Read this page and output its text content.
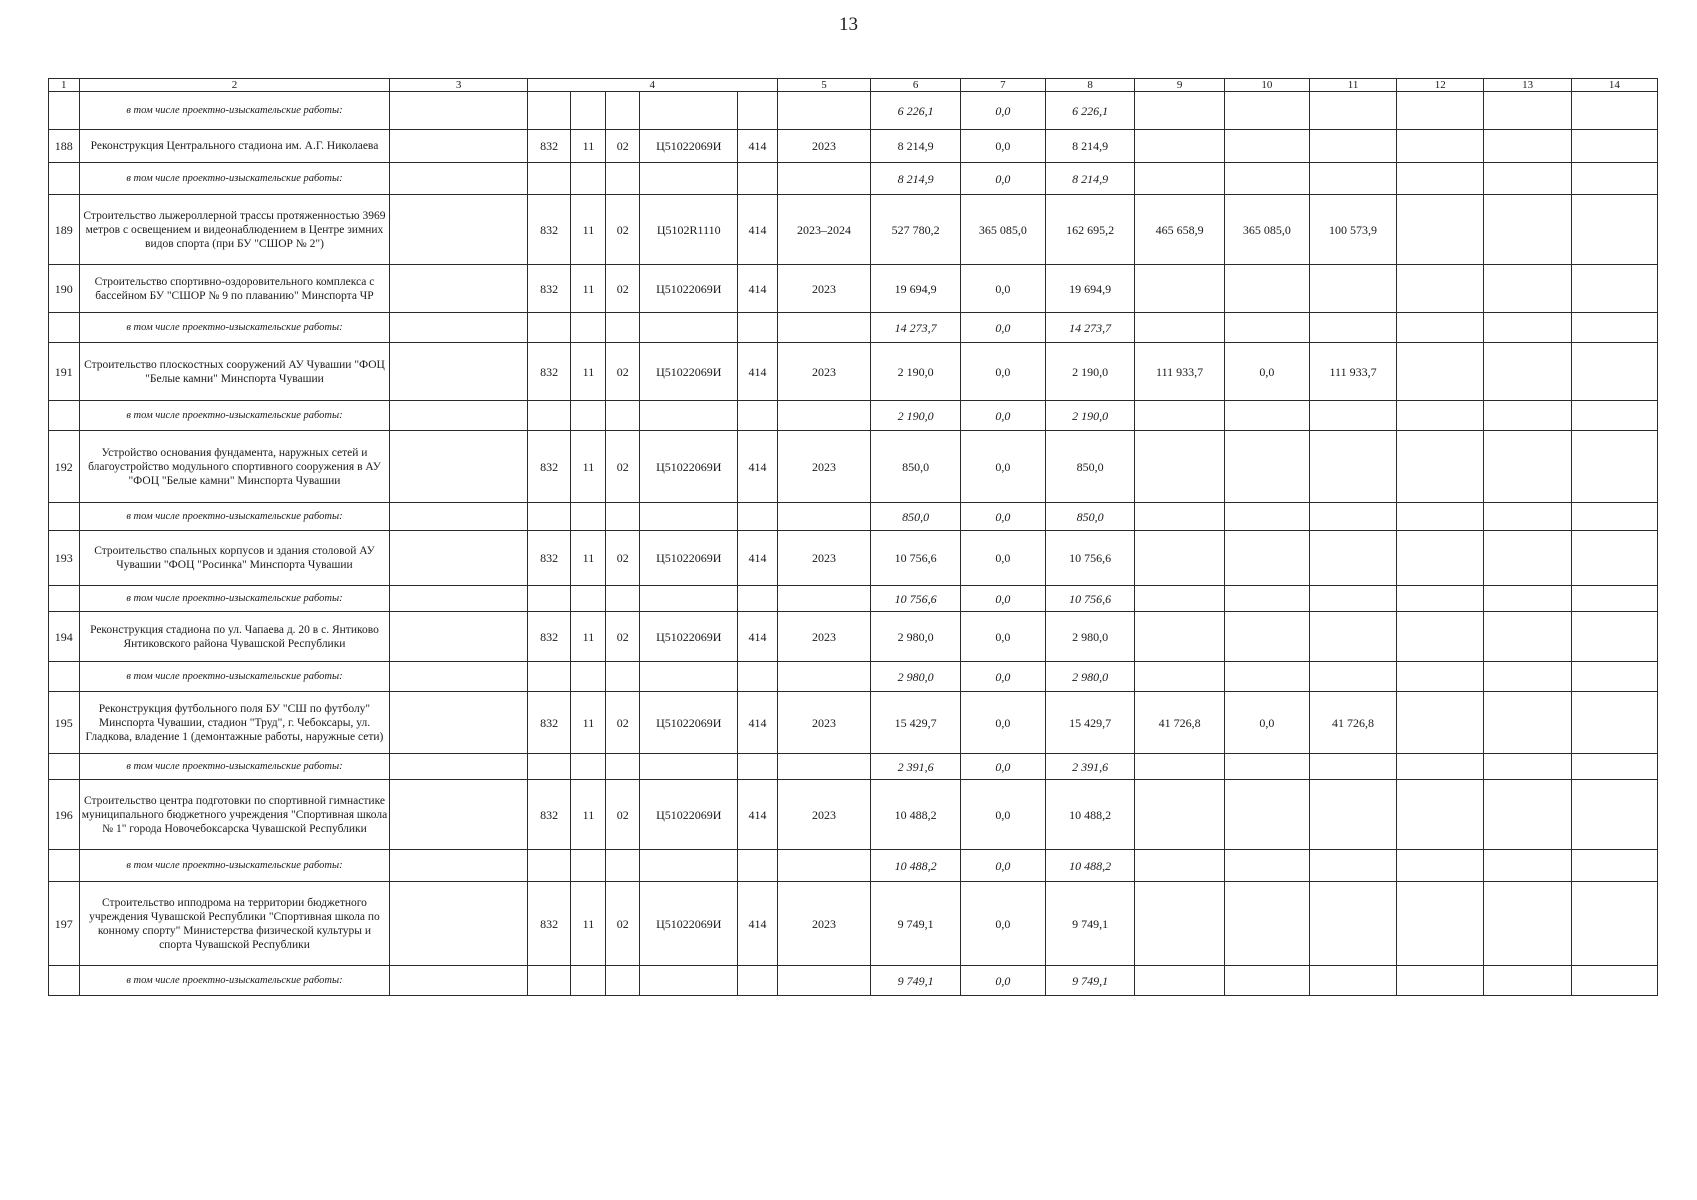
13
1	2	3	4					5	6	7	8	9	10	11	12	13	14
	в том числе проектно-изыскательские работы:								6 226,1	0,0	6 226,1						
188	Реконструкция Центрального стадиона им. А.Г. Николаева		832	11	02	Ц51022069И	414	2023	8 214,9	0,0	8 214,9						
	в том числе проектно-изыскательские работы:								8 214,9	0,0	8 214,9						
189	Строительство лыжероллерной трассы протяженностью 3969 метров с освещением и видеонаблюдением в Центре зимних видов спорта (при БУ "СШОР № 2")		832	11	02	Ц5102R1110	414	2023–2024	527 780,2	365 085,0	162 695,2	465 658,9	365 085,0	100 573,9			
190	Строительство спортивно-оздоровительного комплекса с бассейном БУ "СШОР № 9 по плаванию" Минспорта ЧР		832	11	02	Ц51022069И	414	2023	19 694,9	0,0	19 694,9						
	в том числе проектно-изыскательские работы:								14 273,7	0,0	14 273,7						
191	Строительство плоскостных сооружений АУ Чувашии "ФОЦ "Белые камни" Минспорта Чувашии		832	11	02	Ц51022069И	414	2023	2 190,0	0,0	2 190,0	111 933,7	0,0	111 933,7			
	в том числе проектно-изыскательские работы:								2 190,0	0,0	2 190,0						
192	Устройство основания фундамента, наружных сетей и благоустройство модульного спортивного сооружения в АУ "ФОЦ "Белые камни" Минспорта Чувашии		832	11	02	Ц51022069И	414	2023	850,0	0,0	850,0						
	в том числе проектно-изыскательские работы:								850,0	0,0	850,0						
193	Строительство спальных корпусов и здания столовой АУ Чувашии "ФОЦ "Росинка" Минспорта Чувашии		832	11	02	Ц51022069И	414	2023	10 756,6	0,0	10 756,6						
	в том числе проектно-изыскательские работы:								10 756,6	0,0	10 756,6						
194	Реконструкция стадиона по ул. Чапаева д. 20 в с. Янтиково Янтиковского района Чувашской Республики		832	11	02	Ц51022069И	414	2023	2 980,0	0,0	2 980,0						
	в том числе проектно-изыскательские работы:								2 980,0	0,0	2 980,0						
195	Реконструкция футбольного поля БУ "СШ по футболу" Минспорта Чувашии, стадион "Труд", г. Чебоксары, ул. Гладкова, владение 1 (демонтажные работы, наружные сети)		832	11	02	Ц51022069И	414	2023	15 429,7	0,0	15 429,7	41 726,8	0,0	41 726,8			
	в том числе проектно-изыскательские работы:								2 391,6	0,0	2 391,6						
196	Строительство центра подготовки по спортивной гимнастике муниципального бюджетного учреждения "Спортивная школа № 1" города Новочебоксарска Чувашской Республики		832	11	02	Ц51022069И	414	2023	10 488,2	0,0	10 488,2						
	в том числе проектно-изыскательские работы:								10 488,2	0,0	10 488,2						
197	Строительство ипподрома на территории бюджетного учреждения Чувашской Республики "Спортивная школа по конному спорту" Министерства физической культуры и спорта Чувашской Республики		832	11	02	Ц51022069И	414	2023	9 749,1	0,0	9 749,1						
	в том числе проектно-изыскательские работы:								9 749,1	0,0	9 749,1						
